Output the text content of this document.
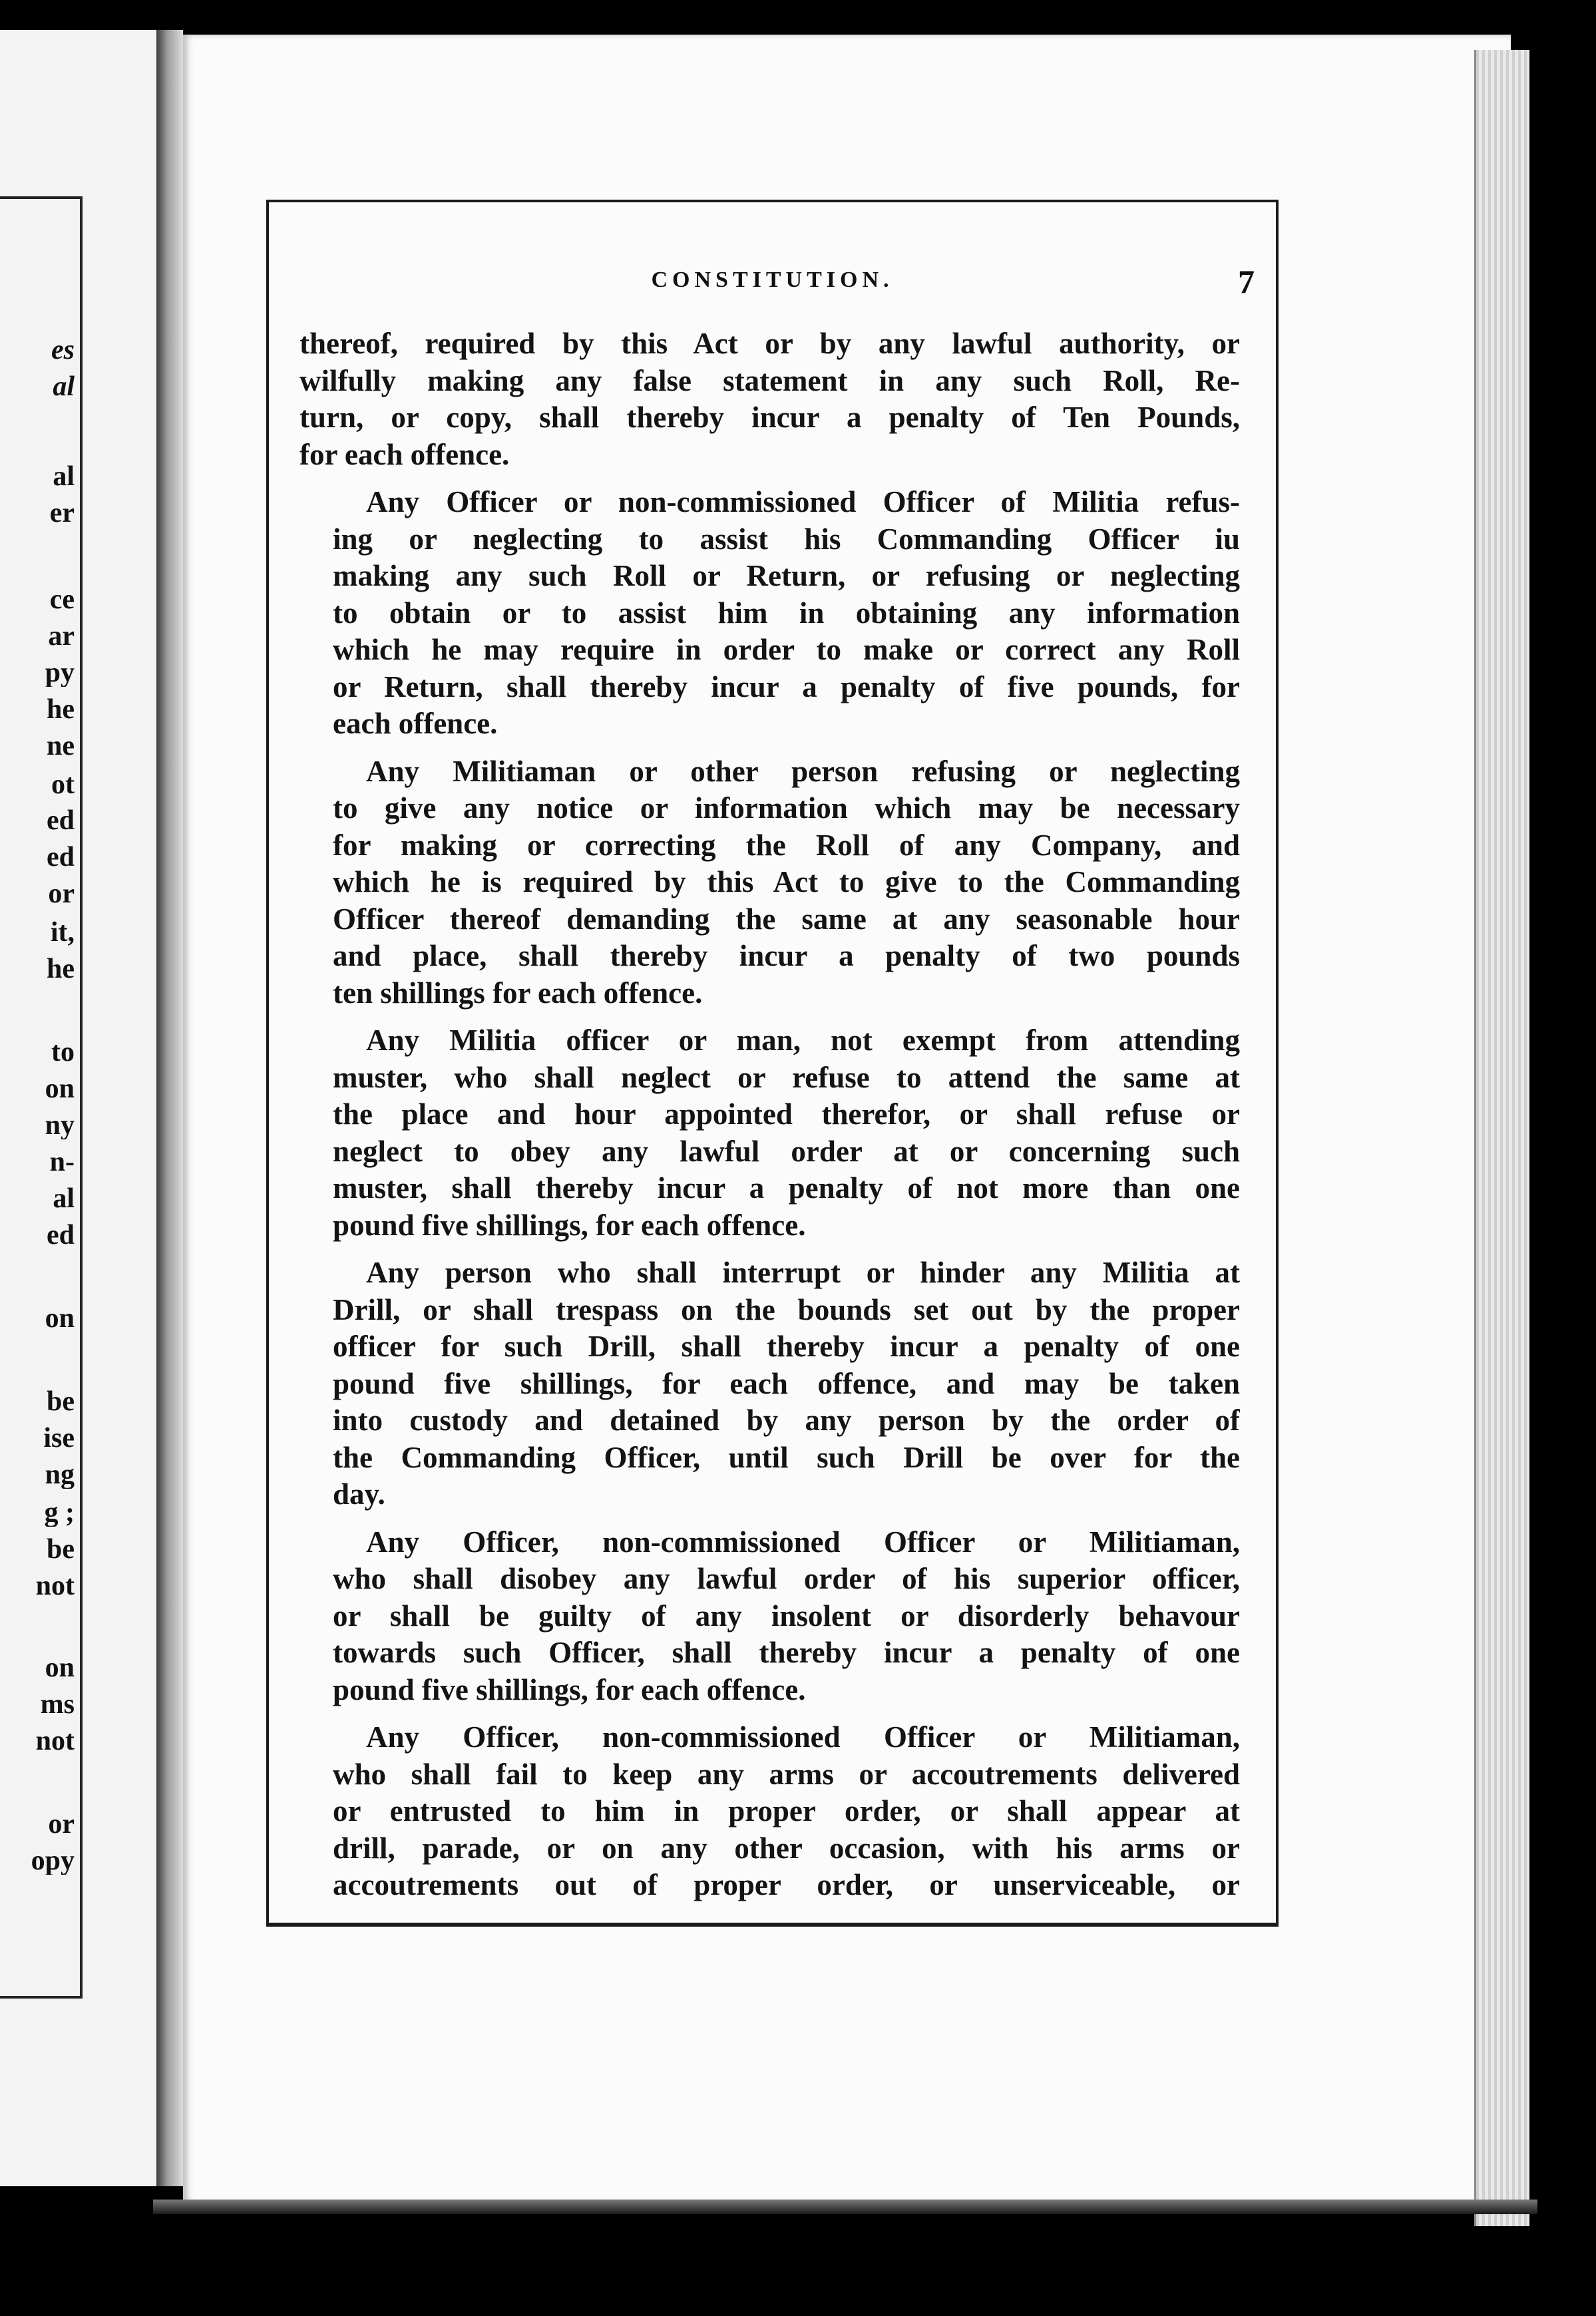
es
al
al
er
ce
ar
py
he
ne
ot
ed
ed
or
it,
he
to
on
ny
n-
al
ed
on
be
ise
ng
g ;
be
not
on
ms
not
or
opy
CONSTITUTION.	7
thereof, required by this Act or by any lawful authority, or
wilfully making any false statement in any such Roll, Re-
turn, or copy, shall thereby incur a penalty of Ten Pounds,
for each offence.
Any Officer or non-commissioned Officer of Militia refus-
ing or neglecting to assist his Commanding Officer iu
making any such Roll or Return, or refusing or neglecting
to obtain or to assist him in obtaining any information
which he may require in order to make or correct any Roll
or Return, shall thereby incur a penalty of five pounds, for
each offence.
Any Militiaman or other person refusing or neglecting
to give any notice or information which may be necessary
for making or correcting the Roll of any Company, and
which he is required by this Act to give to the Commanding
Officer thereof demanding the same at any seasonable hour
and place, shall thereby incur a penalty of two pounds
ten shillings for each offence.
Any Militia officer or man, not exempt from attending
muster, who shall neglect or refuse to attend the same at
the place and hour appointed therefor, or shall refuse or
neglect to obey any lawful order at or concerning such
muster, shall thereby incur a penalty of not more than one
pound five shillings, for each offence.
Any person who shall interrupt or hinder any Militia at
Drill, or shall trespass on the bounds set out by the proper
officer for such Drill, shall thereby incur a penalty of one
pound five shillings, for each offence, and may be taken
into custody and detained by any person by the order of
the Commanding Officer, until such Drill be over for the
day.
Any Officer, non-commissioned Officer or Militiaman,
who shall disobey any lawful order of his superior officer,
or shall be guilty of any insolent or disorderly behavour
towards such Officer, shall thereby incur a penalty of one
pound five shillings, for each offence.
Any Officer, non-commissioned Officer or Militiaman,
who shall fail to keep any arms or accoutrements delivered
or entrusted to him in proper order, or shall appear at
drill, parade, or on any other occasion, with his arms or
accoutrements out of proper order, or unserviceable, or
